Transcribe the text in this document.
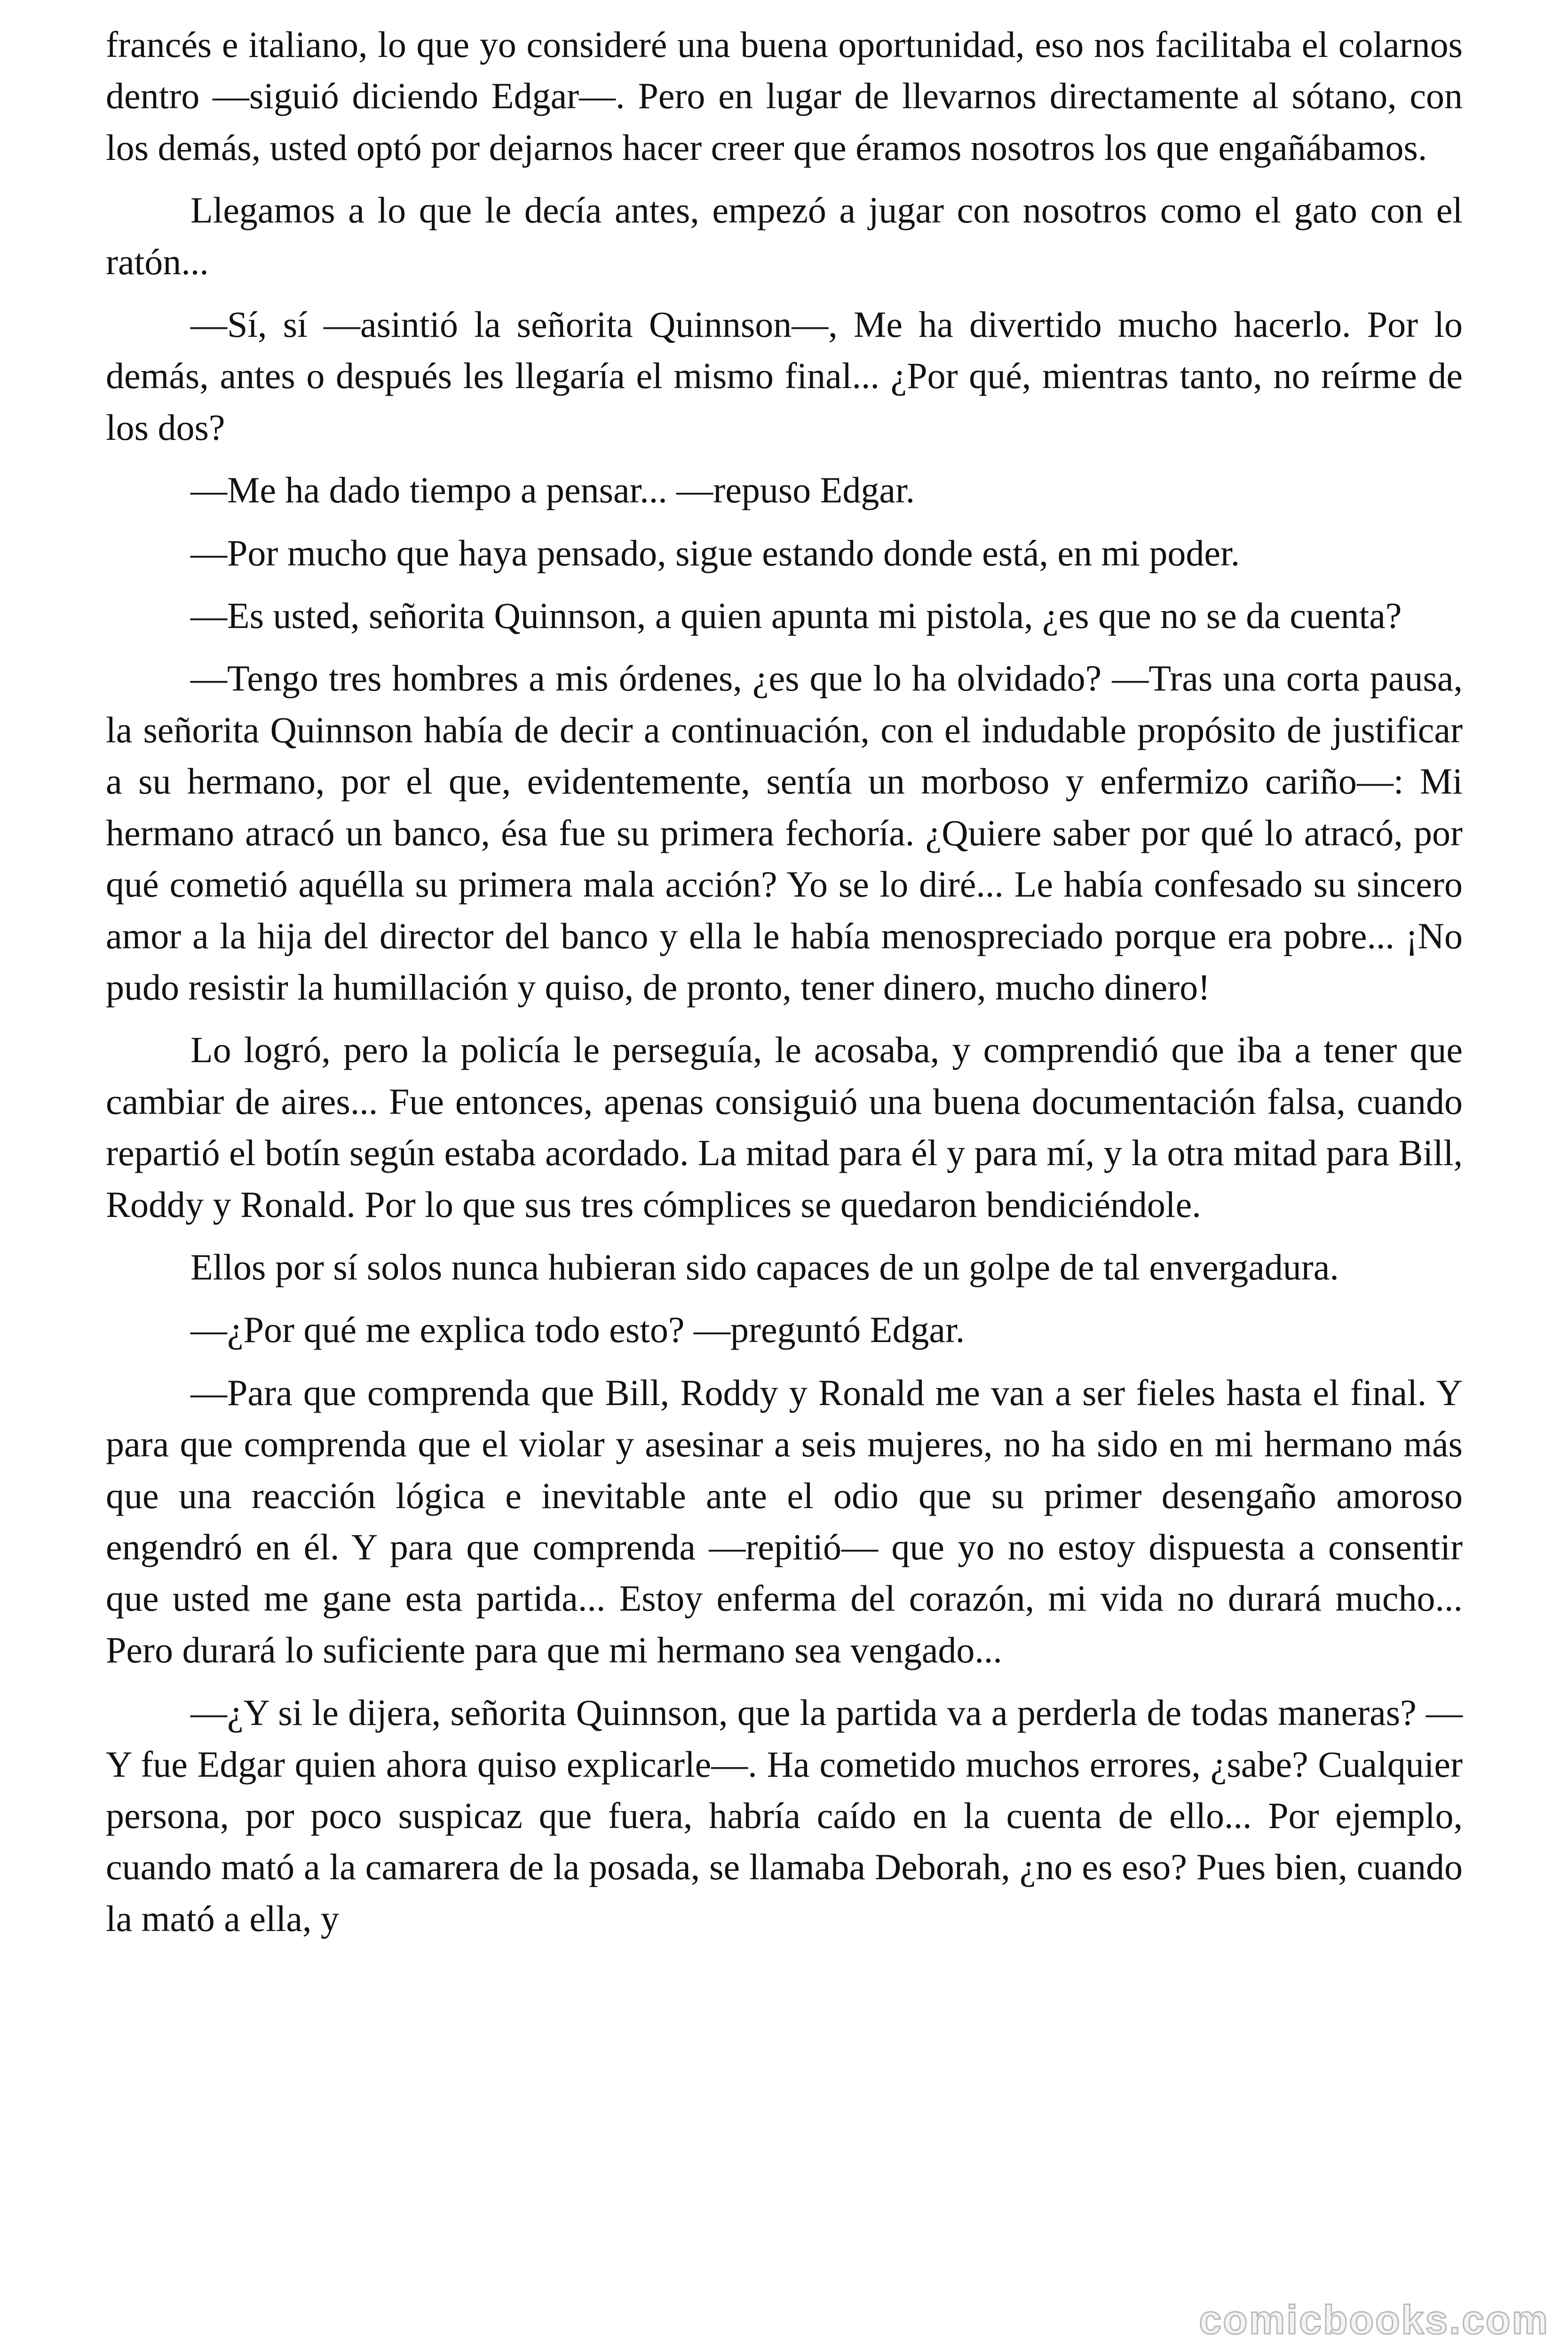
francés e italiano, lo que yo consideré una buena oportunidad, eso nos facilitaba el colarnos dentro —siguió diciendo Edgar—. Pero en lugar de llevarnos directamente al sótano, con los demás, usted optó por dejarnos hacer creer que éramos nosotros los que engañábamos.

Llegamos a lo que le decía antes, empezó a jugar con nosotros como el gato con el ratón...

—Sí, sí —asintió la señorita Quinnson—, Me ha divertido mucho hacerlo. Por lo demás, antes o después les llegaría el mismo final... ¿Por qué, mientras tanto, no reírme de los dos?

—Me ha dado tiempo a pensar... —repuso Edgar.

—Por mucho que haya pensado, sigue estando donde está, en mi poder.

—Es usted, señorita Quinnson, a quien apunta mi pistola, ¿es que no se da cuenta?

—Tengo tres hombres a mis órdenes, ¿es que lo ha olvidado? —Tras una corta pausa, la señorita Quinnson había de decir a continuación, con el indudable propósito de justificar a su hermano, por el que, evidentemente, sentía un morboso y enfermizo cariño—: Mi hermano atracó un banco, ésa fue su primera fechoría. ¿Quiere saber por qué lo atracó, por qué cometió aquélla su primera mala acción? Yo se lo diré... Le había confesado su sincero amor a la hija del director del banco y ella le había menospreciado porque era pobre... ¡No pudo resistir la humillación y quiso, de pronto, tener dinero, mucho dinero!

Lo logró, pero la policía le perseguía, le acosaba, y comprendió que iba a tener que cambiar de aires... Fue entonces, apenas consiguió una buena documentación falsa, cuando repartió el botín según estaba acordado. La mitad para él y para mí, y la otra mitad para Bill, Roddy y Ronald. Por lo que sus tres cómplices se quedaron bendiciéndole.

Ellos por sí solos nunca hubieran sido capaces de un golpe de tal envergadura.

—¿Por qué me explica todo esto? —preguntó Edgar.

—Para que comprenda que Bill, Roddy y Ronald me van a ser fieles hasta el final. Y para que comprenda que el violar y asesinar a seis mujeres, no ha sido en mi hermano más que una reacción lógica e inevitable ante el odio que su primer desengaño amoroso engendró en él. Y para que comprenda —repitió— que yo no estoy dispuesta a consentir que usted me gane esta partida... Estoy enferma del corazón, mi vida no durará mucho... Pero durará lo suficiente para que mi hermano sea vengado...

—¿Y si le dijera, señorita Quinnson, que la partida va a perderla de todas maneras? —Y fue Edgar quien ahora quiso explicarle—. Ha cometido muchos errores, ¿sabe? Cualquier persona, por poco suspicaz que fuera, habría caído en la cuenta de ello... Por ejemplo, cuando mató a la camarera de la posada, se llamaba Deborah, ¿no es eso? Pues bien, cuando la mató a ella, y

comicbooks.com
